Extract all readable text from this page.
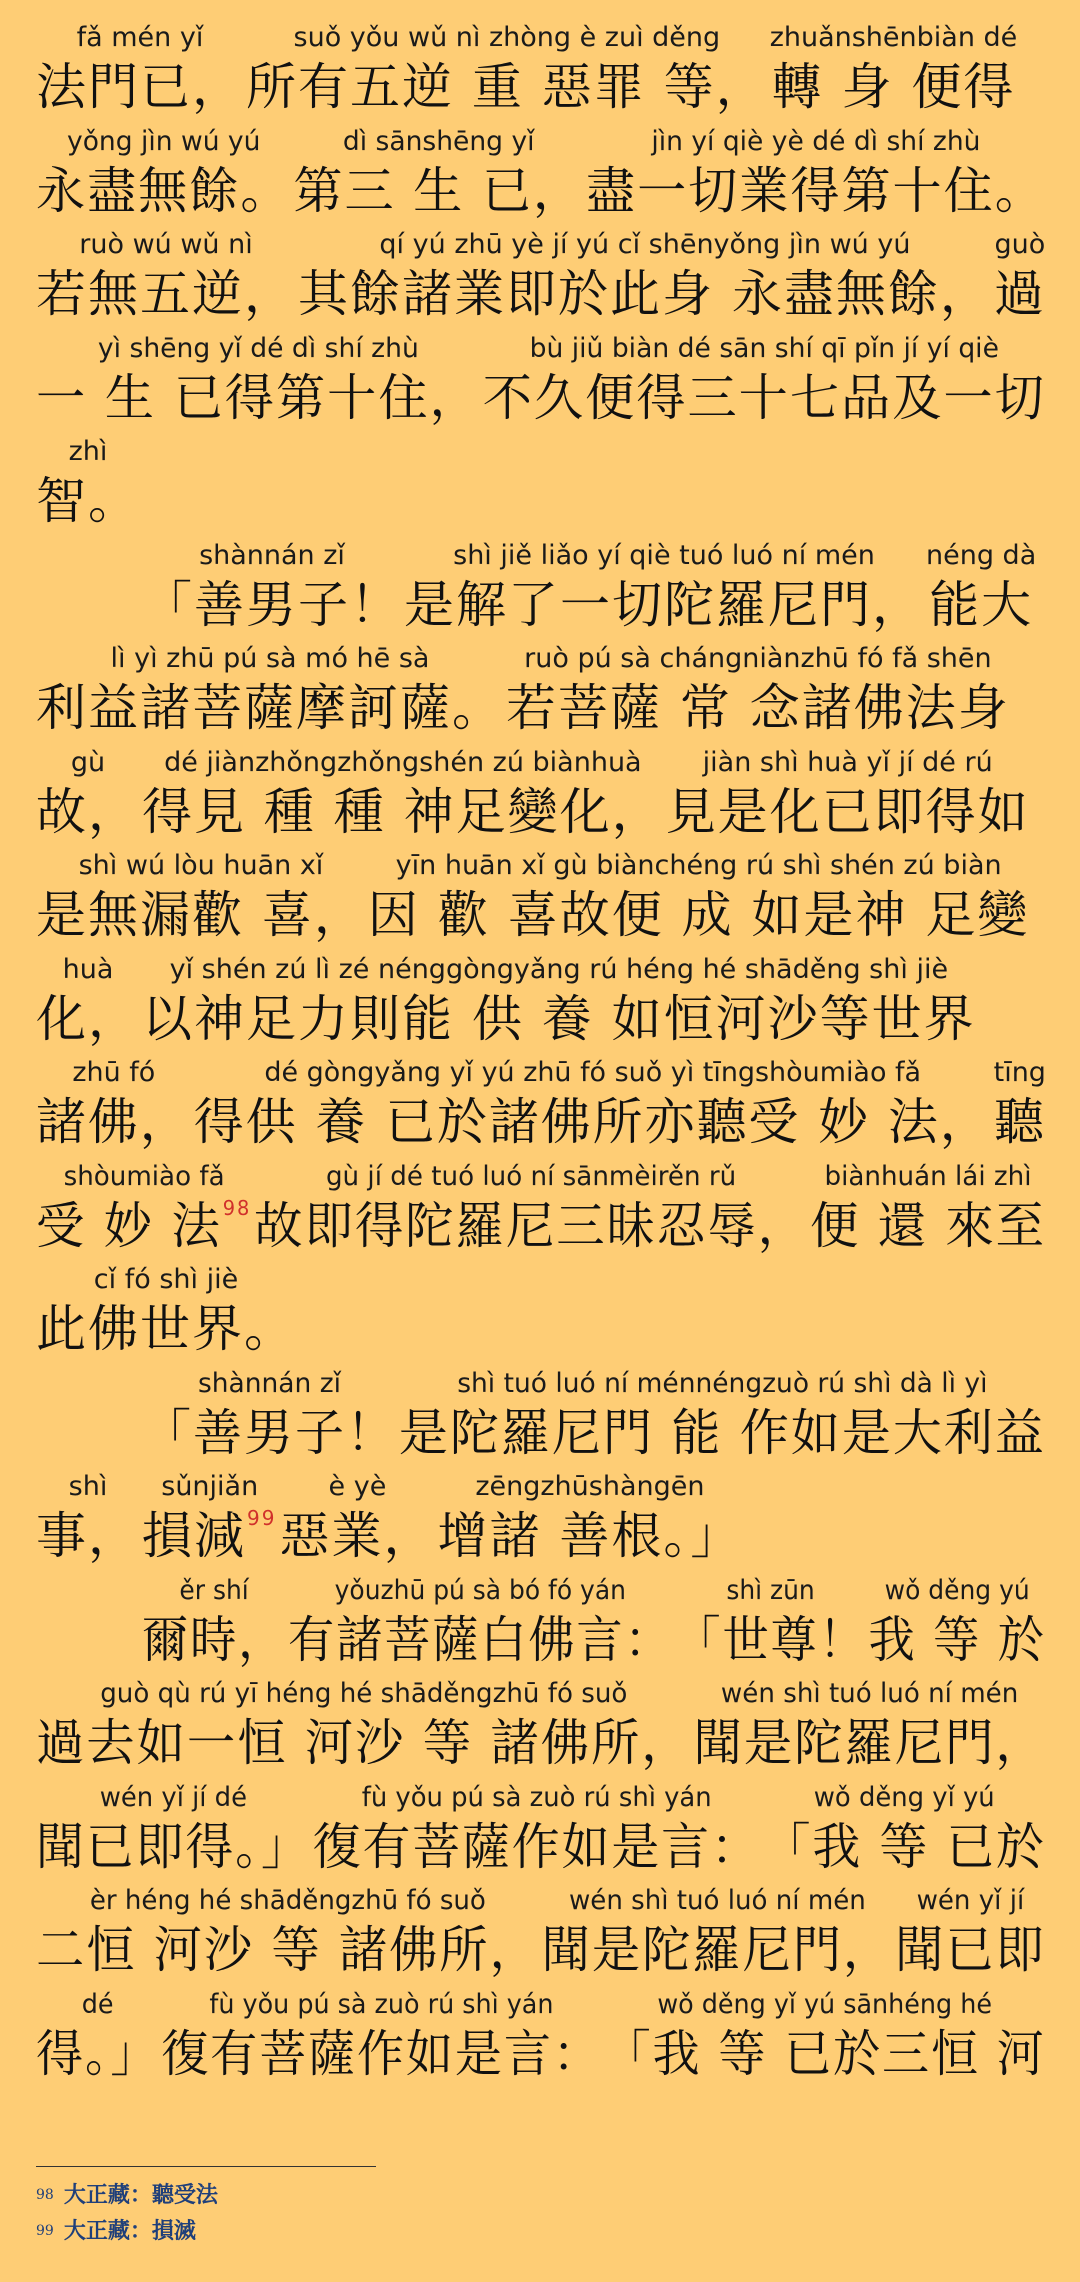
fǎ mén yǐ
法門已，
suǒ yǒu wǔ nì zhòng è zuì děng
所有五逆 重 惡罪 等，
zhuǎnshēnbiàn dé
轉 身 便得
yǒng jìn wú yú
永盡無餘。
dì sānshēng yǐ
第三 生 已，
jìn yí qiè yè dé dì shí zhù
盡一切業得第十住。
ruò wú wǔ nì
若無五逆，
qí yú zhū yè jí yú cǐ shēnyǒng jìn wú yú
其餘諸業即於此身 永盡無餘，
guò
過
yì shēng yǐ dé dì shí zhù
一 生 已得第十住，
bù jiǔ biàn dé sān shí qī pǐn jí yí qiè
不久便得三十七品及一切
zhì
智。
shànnán zǐ
「善男子！
shì jiě liǎo yí qiè tuó luó ní mén
是解了一切陀羅尼門，
néng dà
能大
lì yì zhū pú sà mó hē sà
利益諸菩薩摩訶薩。
ruò pú sà chángniànzhū fó fǎ shēn
若菩薩 常 念諸佛法身
gù
故，
dé jiànzhǒngzhǒngshén zú biànhuà
得見 種 種 神足變化，
jiàn shì huà yǐ jí dé rú
見是化已即得如
shì wú lòu huān xǐ
是無漏歡 喜，
yīn huān xǐ gù biànchéng rú shì shén zú biàn
因 歡 喜故便 成 如是神 足變
huà
化，
yǐ shén zú lì zé nénggòngyǎng rú héng hé shāděng shì jiè
以神足力則能 供 養 如恒河沙等世界
zhū fó
諸佛，
dé gòngyǎng yǐ yú zhū fó suǒ yì tīngshòumiào fǎ
得供 養 已於諸佛所亦聽受 妙 法，
tīng
聽
shòumiào fǎ
受 妙 法$^{98}$
gù jí dé tuó luó ní sānmèirěn rǔ
故即得陀羅尼三昧忍辱，
biànhuán lái zhì
便 還 來至
cǐ fó shì jiè
此佛世界。
shànnán zǐ
「善男子！
shì tuó luó ní ménnéngzuò rú shì dà lì yì
是陀羅尼門 能 作如是大利益
shì
事，
sǔnjiǎn
損減$^{99}$
è yè
惡業，
zēngzhūshàngēn
增諸 善根。」
ěr shí
爾時，
yǒuzhū pú sà bó fó yán
有諸菩薩白佛言：
shì zūn
「世尊！
wǒ děng yú
我 等 於
guò qù rú yī héng hé shāděngzhū fó suǒ
過去如一恒 河沙 等 諸佛所，
wén shì tuó luó ní mén
聞是陀羅尼門，
wén yǐ jí dé
聞已即得。」
fù yǒu pú sà zuò rú shì yán
復有菩薩作如是言：
wǒ děng yǐ yú
「我 等 已於
èr héng hé shāděngzhū fó suǒ
二恒 河沙 等 諸佛所，
wén shì tuó luó ní mén
聞是陀羅尼門，
wén yǐ jí
聞已即
dé
得。」
fù yǒu pú sà zuò rú shì yán
復有菩薩作如是言：
wǒ děng yǐ yú sānhéng hé
「我 等 已於三恒 河
$^{98}$ 大正藏：聽受法
$^{99}$ 大正藏：損滅
